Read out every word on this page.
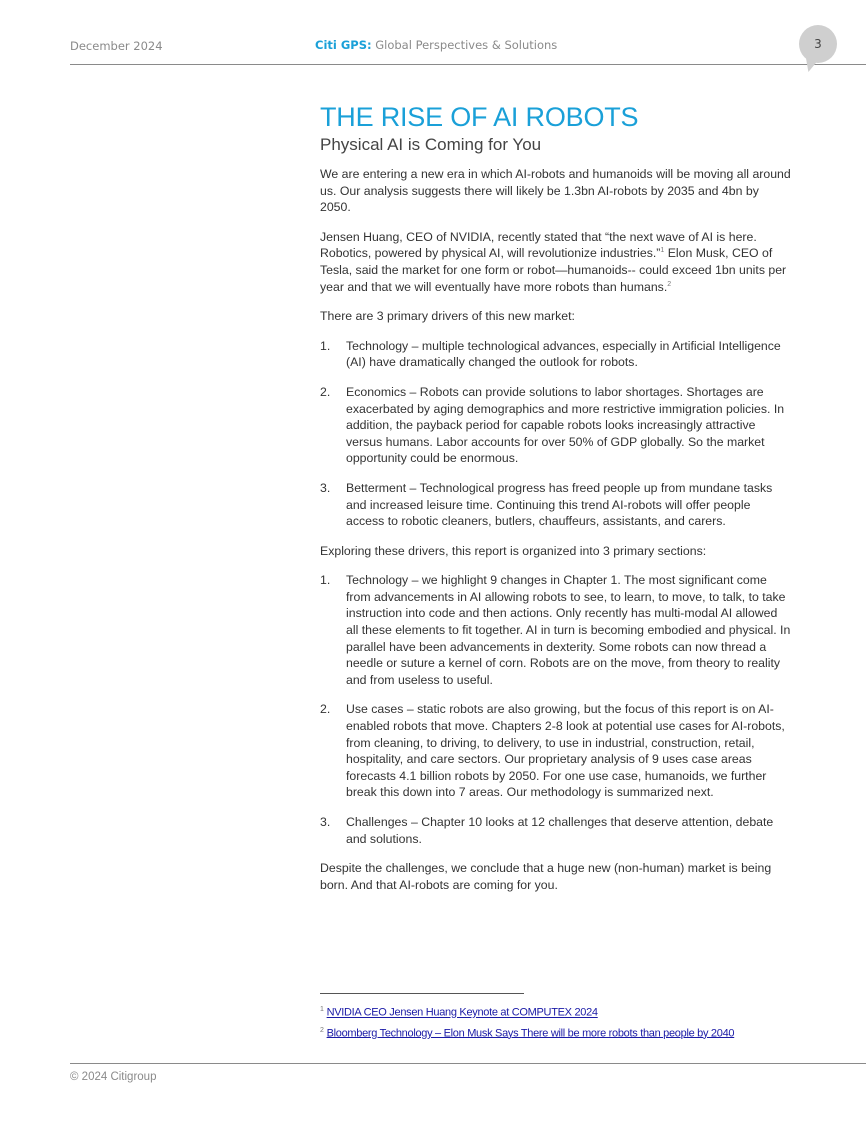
December 2024	Citi GPS: Global Perspectives & Solutions	3
THE RISE OF AI ROBOTS
Physical AI is Coming for You

We are entering a new era in which AI-robots and humanoids will be moving all around us. Our analysis suggests there will likely be 1.3bn AI-robots by 2035 and 4bn by 2050.

Jensen Huang, CEO of NVIDIA, recently stated that “the next wave of AI is here. Robotics, powered by physical AI, will revolutionize industries.”$^1$ Elon Musk, CEO of Tesla, said the market for one form or robot—humanoids-- could exceed 1bn units per year and that we will eventually have more robots than humans.$^2$

There are 3 primary drivers of this new market:

1. Technology – multiple technological advances, especially in Artificial Intelligence (AI) have dramatically changed the outlook for robots.
2. Economics – Robots can provide solutions to labor shortages. Shortages are exacerbated by aging demographics and more restrictive immigration policies. In addition, the payback period for capable robots looks increasingly attractive versus humans. Labor accounts for over 50% of GDP globally. So the market opportunity could be enormous.
3. Betterment – Technological progress has freed people up from mundane tasks and increased leisure time. Continuing this trend AI-robots will offer people access to robotic cleaners, butlers, chauffeurs, assistants, and carers.

Exploring these drivers, this report is organized into 3 primary sections:

1. Technology – we highlight 9 changes in Chapter 1. The most significant come from advancements in AI allowing robots to see, to learn, to move, to talk, to take instruction into code and then actions. Only recently has multi-modal AI allowed all these elements to fit together. AI in turn is becoming embodied and physical. In parallel have been advancements in dexterity. Some robots can now thread a needle or suture a kernel of corn. Robots are on the move, from theory to reality and from useless to useful.
2. Use cases – static robots are also growing, but the focus of this report is on AI-enabled robots that move. Chapters 2-8 look at potential use cases for AI-robots, from cleaning, to driving, to delivery, to use in industrial, construction, retail, hospitality, and care sectors. Our proprietary analysis of 9 uses case areas forecasts 4.1 billion robots by 2050. For one use case, humanoids, we further break this down into 7 areas. Our methodology is summarized next.
3. Challenges – Chapter 10 looks at 12 challenges that deserve attention, debate and solutions.

Despite the challenges, we conclude that a huge new (non-human) market is being born. And that AI-robots are coming for you.

$^1$ NVIDIA CEO Jensen Huang Keynote at COMPUTEX 2024

$^2$ Bloomberg Technology – Elon Musk Says There will be more robots than people by 2040

© 2024 Citigroup
